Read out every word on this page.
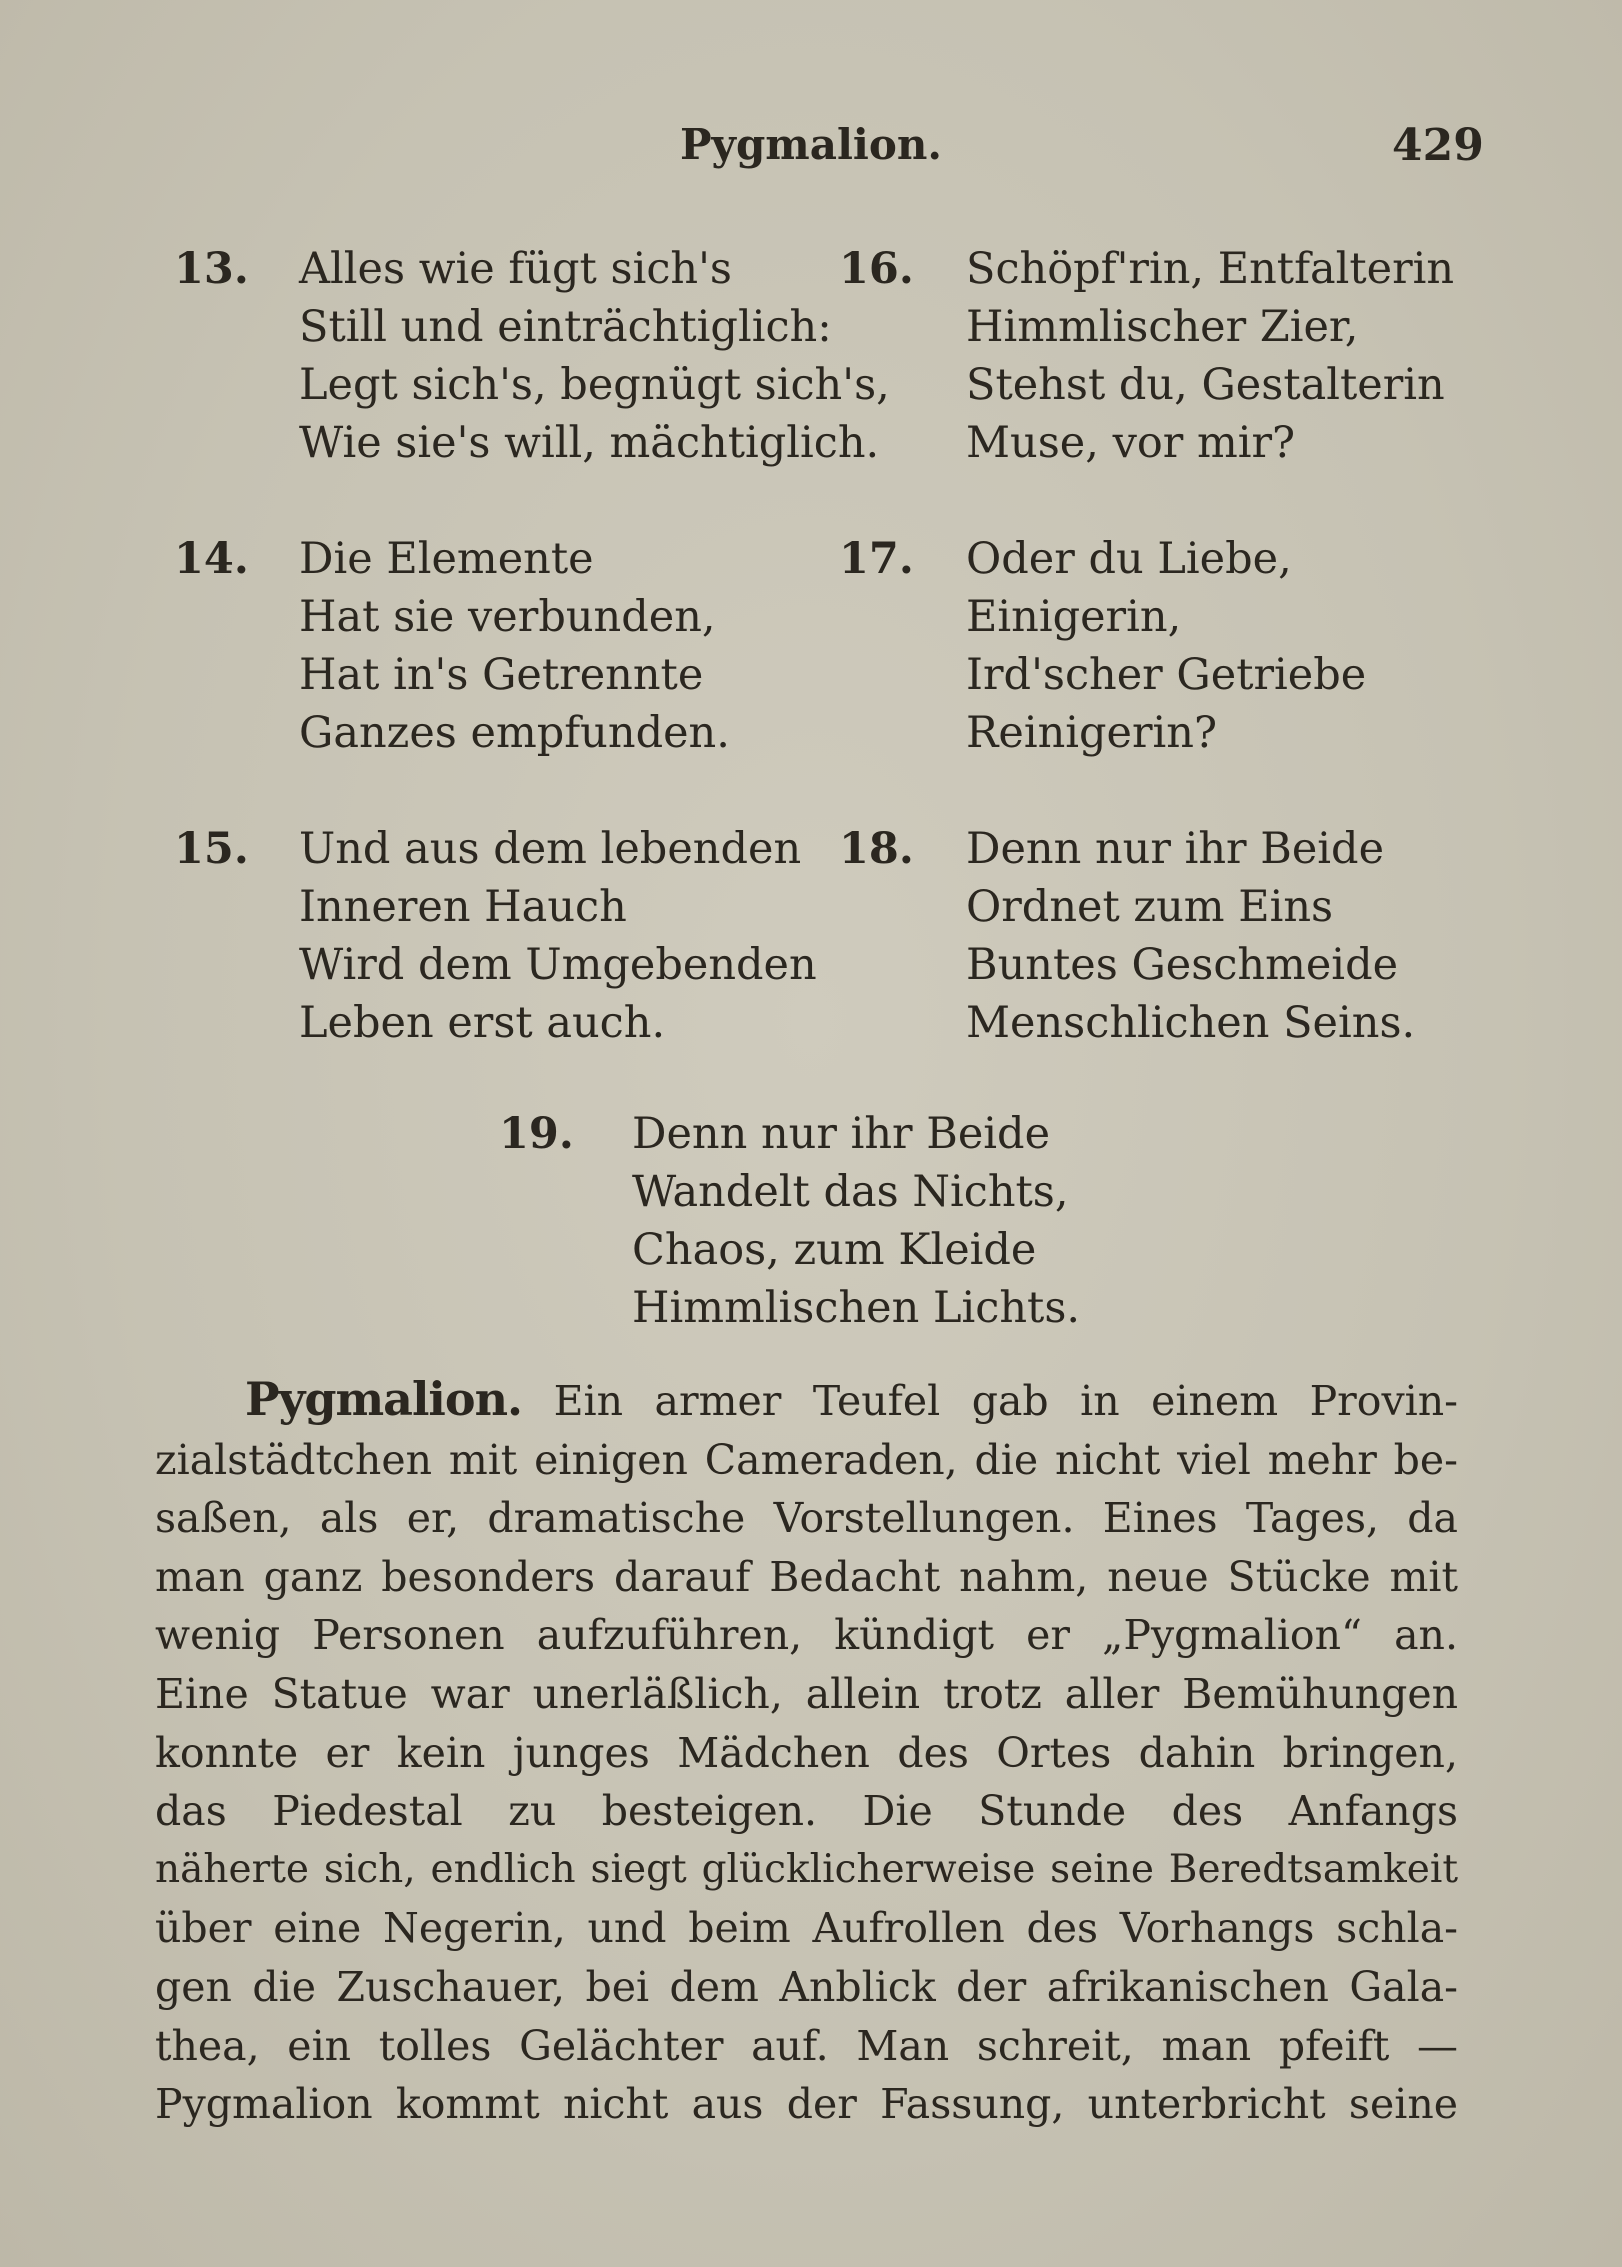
Pygmalion.	429
13. Alles wie fügt sich's
Still und einträchtiglich:
Legt sich's, begnügt sich's,
Wie sie's will, mächtiglich.
16. Schöpf'rin, Entfalterin
Himmlischer Zier,
Stehst du, Gestalterin
Muse, vor mir?
14. Die Elemente
Hat sie verbunden,
Hat in's Getrennte
Ganzes empfunden.
17. Oder du Liebe,
Einigerin,
Ird'scher Getriebe
Reinigerin?
15. Und aus dem lebenden
Inneren Hauch
Wird dem Umgebenden
Leben erst auch.
18. Denn nur ihr Beide
Ordnet zum Eins
Buntes Geschmeide
Menschlichen Seins.
19. Denn nur ihr Beide
Wandelt das Nichts,
Chaos, zum Kleide
Himmlischen Lichts.
Pygmalion. Ein armer Teufel gab in einem Provin-
zialstädtchen mit einigen Cameraden, die nicht viel mehr be-
saßen, als er, dramatische Vorstellungen. Eines Tages, da
man ganz besonders darauf Bedacht nahm, neue Stücke mit
wenig Personen aufzuführen, kündigt er „Pygmalion“ an.
Eine Statue war unerläßlich, allein trotz aller Bemühungen
konnte er kein junges Mädchen des Ortes dahin bringen,
das Piedestal zu besteigen. Die Stunde des Anfangs
näherte sich, endlich siegt glücklicherweise seine Beredtsamkeit
über eine Negerin, und beim Aufrollen des Vorhangs schla-
gen die Zuschauer, bei dem Anblick der afrikanischen Gala-
thea, ein tolles Gelächter auf. Man schreit, man pfeift —
Pygmalion kommt nicht aus der Fassung, unterbricht seine
